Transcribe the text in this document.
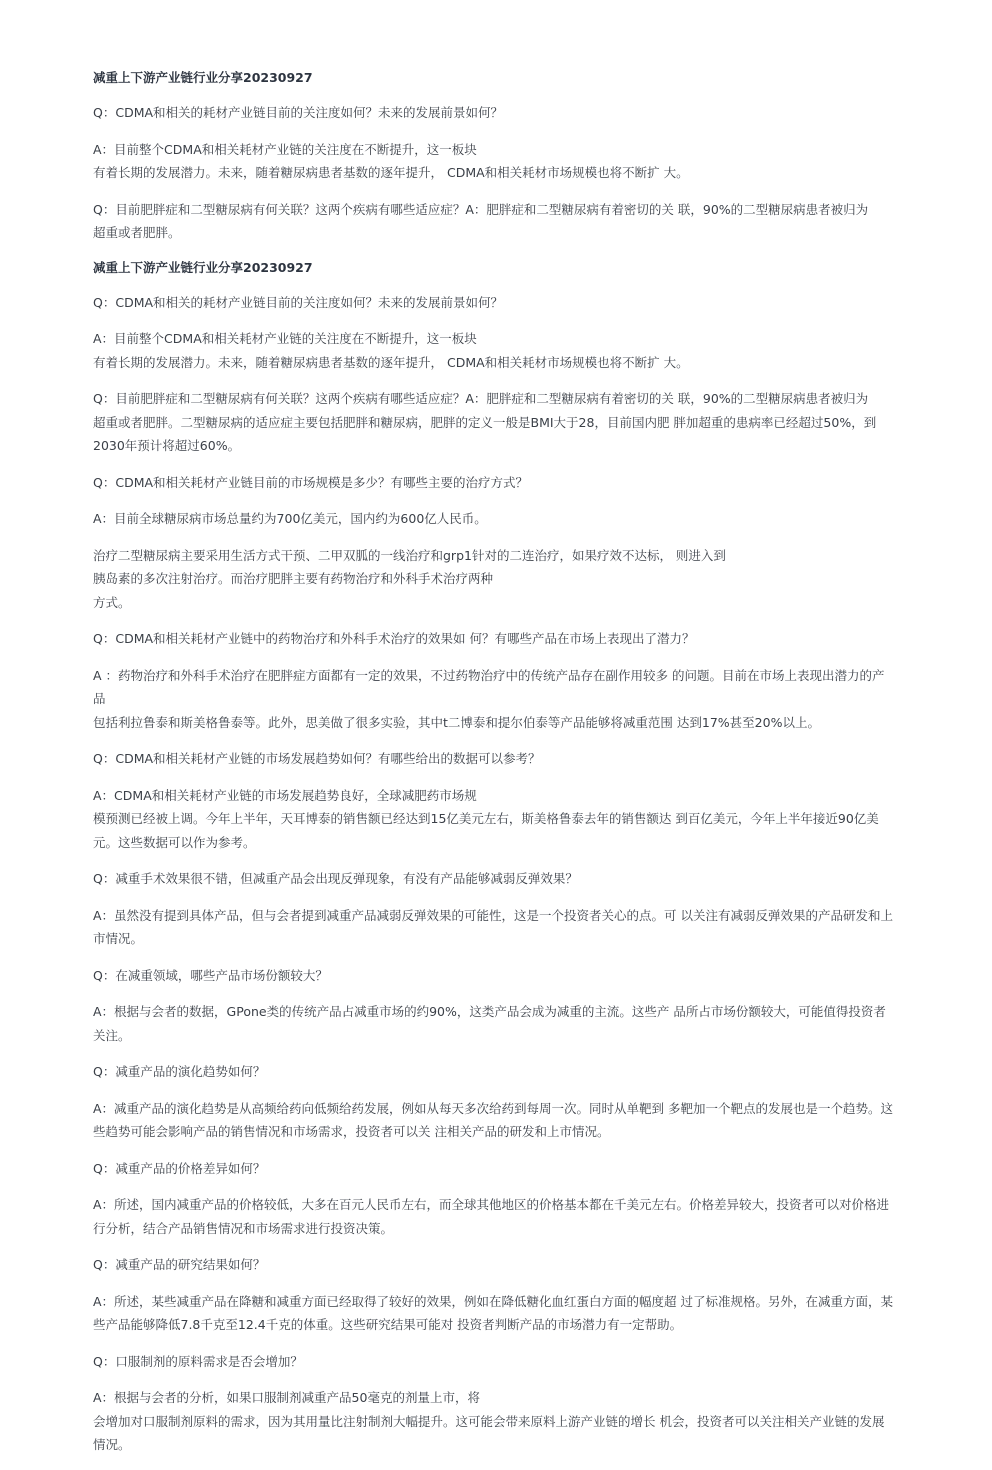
减重上下游产业链行业分享20230927
Q：CDMA和相关的耗材产业链目前的关注度如何？未来的发展前景如何？
A：目前整个CDMA和相关耗材产业链的关注度在不断提升，这一板块
有着长期的发展潜力。未来，随着糖尿病患者基数的逐年提升， CDMA和相关耗材市场规模也将不断扩 大。
Q：目前肥胖症和二型糖尿病有何关联？这两个疾病有哪些适应症？A：肥胖症和二型糖尿病有着密切的关 联，90%的二型糖尿病患者被归为
超重或者肥胖。
减重上下游产业链行业分享20230927
Q：CDMA和相关的耗材产业链目前的关注度如何？未来的发展前景如何？
A：目前整个CDMA和相关耗材产业链的关注度在不断提升，这一板块
有着长期的发展潜力。未来，随着糖尿病患者基数的逐年提升， CDMA和相关耗材市场规模也将不断扩 大。
Q：目前肥胖症和二型糖尿病有何关联？这两个疾病有哪些适应症？A：肥胖症和二型糖尿病有着密切的关 联，90%的二型糖尿病患者被归为
超重或者肥胖。二型糖尿病的适应症主要包括肥胖和糖尿病，肥胖的定义一般是BMI大于28，目前国内肥 胖加超重的患病率已经超过50%，到
2030年预计将超过60%。
Q：CDMA和相关耗材产业链目前的市场规模是多少？有哪些主要的治疗方式？
A：目前全球糖尿病市场总量约为700亿美元，国内约为600亿人民币。
治疗二型糖尿病主要采用生活方式干预、二甲双胍的一线治疗和grp1针对的二连治疗，如果疗效不达标， 则进入到
胰岛素的多次注射治疗。而治疗肥胖主要有药物治疗和外科手术治疗两种
方式。
Q：CDMA和相关耗材产业链中的药物治疗和外科手术治疗的效果如 何？有哪些产品在市场上表现出了潜力？
A ：药物治疗和外科手术治疗在肥胖症方面都有一定的效果，不过药物治疗中的传统产品存在副作用较多 的问题。目前在市场上表现出潜力的产
品
包括利拉鲁泰和斯美格鲁泰等。此外，思美做了很多实验，其中t二博泰和提尔伯泰等产品能够将减重范围 达到17%甚至20%以上。
Q：CDMA和相关耗材产业链的市场发展趋势如何？有哪些给出的数据可以参考？
A：CDMA和相关耗材产业链的市场发展趋势良好，全球减肥药市场规
模预测已经被上调。今年上半年，天耳博泰的销售额已经达到15亿美元左右，斯美格鲁泰去年的销售额达 到百亿美元，今年上半年接近90亿美
元。这些数据可以作为参考。
Q：减重手术效果很不错，但减重产品会出现反弹现象，有没有产品能够减弱反弹效果？
A：虽然没有提到具体产品，但与会者提到减重产品减弱反弹效果的可能性，这是一个投资者关心的点。可 以关注有减弱反弹效果的产品研发和上
市情况。
Q：在减重领域，哪些产品市场份额较大？
A：根据与会者的数据，GPone类的传统产品占减重市场的约90%，这类产品会成为减重的主流。这些产 品所占市场份额较大，可能值得投资者
关注。
Q：减重产品的演化趋势如何？
A：减重产品的演化趋势是从高频给药向低频给药发展，例如从每天多次给药到每周一次。同时从单靶到 多靶加一个靶点的发展也是一个趋势。这
些趋势可能会影响产品的销售情况和市场需求，投资者可以关 注相关产品的研发和上市情况。
Q：减重产品的价格差异如何？
A：所述，国内减重产品的价格较低，大多在百元人民币左右，而全球其他地区的价格基本都在千美元左右。价格差异较大，投资者可以对价格进
行分析，结合产品销售情况和市场需求进行投资决策。
Q：减重产品的研究结果如何？
A：所述，某些减重产品在降糖和减重方面已经取得了较好的效果，例如在降低糖化血红蛋白方面的幅度超 过了标准规格。另外，在减重方面，某
些产品能够降低7.8千克至12.4千克的体重。这些研究结果可能对 投资者判断产品的市场潜力有一定帮助。
Q：口服制剂的原料需求是否会增加？
A：根据与会者的分析，如果口服制剂减重产品50毫克的剂量上市，将
会增加对口服制剂原料的需求，因为其用量比注射制剂大幅提升。这可能会带来原料上游产业链的增长 机会，投资者可以关注相关产业链的发展
情况。
